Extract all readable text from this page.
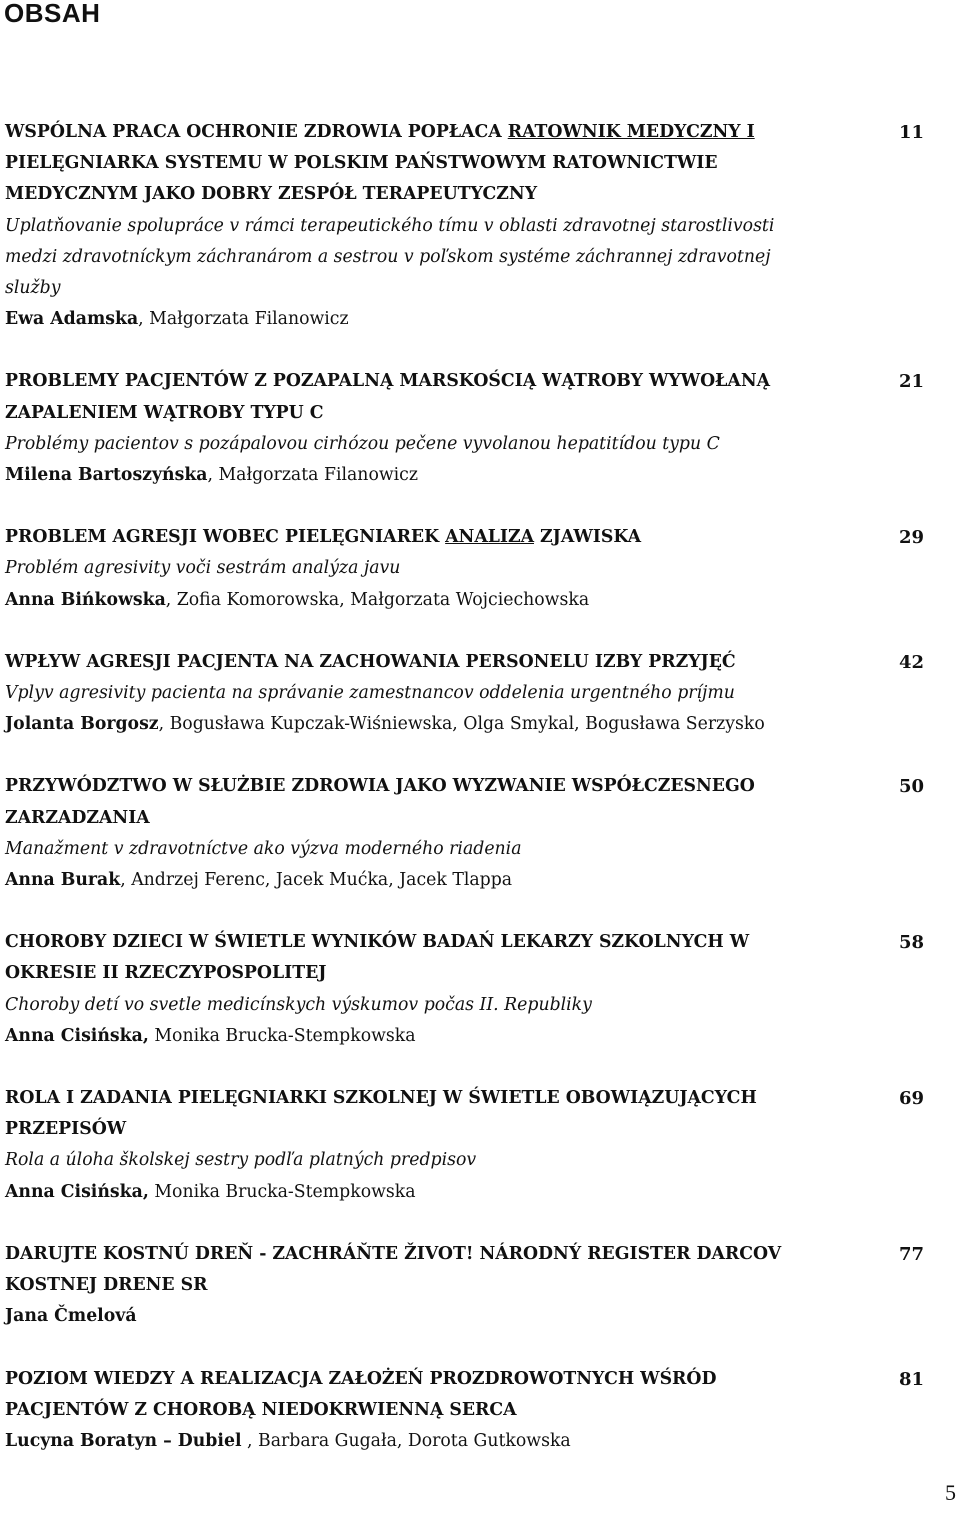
OBSAH
11
WSPÓLNA PRACA OCHRONIE ZDROWIA POPŁACA RATOWNIK MEDYCZNY I
PIELĘGNIARKA SYSTEMU W POLSKIM PAŃSTWOWYM RATOWNICTWIE
MEDYCZNYM JAKO DOBRY ZESPÓŁ TERAPEUTYCZNY
Uplatňovanie spolupráce v rámci terapeutického tímu v oblasti zdravotnej starostlivosti
medzi zdravotníckym záchranárom a sestrou v poľskom systéme záchrannej zdravotnej
služby
Ewa Adamska, Małgorzata Filanowicz
21
PROBLEMY PACJENTÓW Z POZAPALNĄ MARSKOŚCIĄ WĄTROBY WYWOŁANĄ
ZAPALENIEM WĄTROBY TYPU C
Problémy pacientov s pozápalovou cirhózou pečene vyvolanou hepatitídou typu C
Milena Bartoszyńska, Małgorzata Filanowicz
29
PROBLEM AGRESJI WOBEC PIELĘGNIAREK ANALIZA ZJAWISKA
Problém agresivity voči sestrám analýza javu
Anna Bińkowska, Zofia Komorowska, Małgorzata Wojciechowska
42
WPŁYW AGRESJI PACJENTA NA ZACHOWANIA PERSONELU IZBY PRZYJĘĆ
Vplyv agresivity pacienta na správanie zamestnancov oddelenia urgentného príjmu
Jolanta Borgosz, Bogusława Kupczak-Wiśniewska, Olga Smykal, Bogusława Serzysko
50
PRZYWÓDZTWO W SŁUŻBIE ZDROWIA JAKO WYZWANIE WSPÓŁCZESNEGO
ZARZADZANIA
Manažment v zdravotníctve ako výzva moderného riadenia
Anna Burak, Andrzej Ferenc, Jacek Mućka, Jacek Tlappa
58
CHOROBY DZIECI W ŚWIETLE WYNIKÓW BADAŃ LEKARZY SZKOLNYCH W
OKRESIE II RZECZYPOSPOLITEJ
Choroby detí vo svetle medicínskych výskumov počas II. Republiky
Anna Cisińska, Monika Brucka-Stempkowska
69
ROLA I ZADANIA PIELĘGNIARKI SZKOLNEJ W ŚWIETLE OBOWIĄZUJĄCYCH
PRZEPISÓW
Rola a úloha školskej sestry podľa platných predpisov
Anna Cisińska, Monika Brucka-Stempkowska
77
DARUJTE KOSTNÚ DREŇ - ZACHRÁŇTE ŽIVOT! NÁRODNÝ REGISTER DARCOV
KOSTNEJ DRENE SR
Jana Čmelová
81
POZIOM WIEDZY A REALIZACJA ZAŁOŻEŃ PROZDROWOTNYCH WŚRÓD
PACJENTÓW Z CHOROBĄ NIEDOKRWIENNĄ SERCA
Lucyna Boratyn – Dubiel , Barbara Gugała, Dorota Gutkowska
5
